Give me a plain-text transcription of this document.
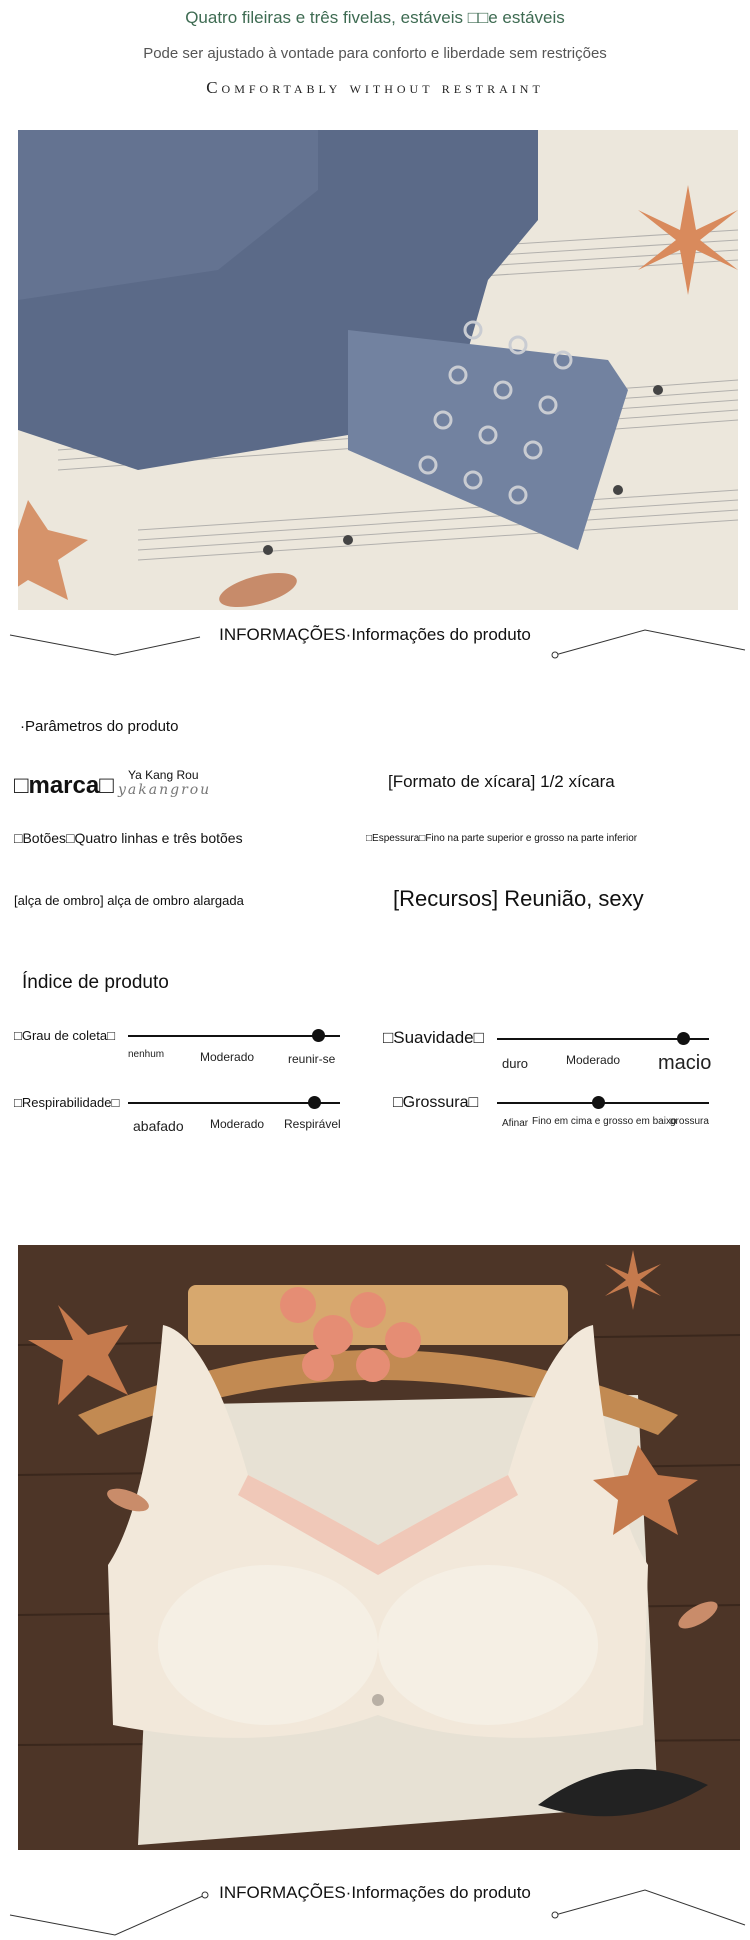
Quatro fileiras e três fivelas, estáveis □□e estáveis
Pode ser ajustado à vontade para conforto e liberdade sem restrições
Comfortably without restraint
INFORMAÇÕES·Informações do produto
·Parâmetros do produto
□marca□ Ya Kang Rou
yakangrou	[Formato de xícara] 1/2 xícara
□Botões□Quatro linhas e três botões	□Espessura□Fino na parte superior e grosso na parte inferior
[alça de ombro] alça de ombro alargada	[Recursos] Reunião, sexy
Índice de produto
□Grau de coleta□
nenhum	Moderado	reunir-se
□Suavidade□
duro	Moderado macio
□Respirabilidade□
abafado Moderado Respirável
□Grossura□
Afinar Fino em cima e grosso em baixo
grossura
INFORMAÇÕES·Informações do produto
